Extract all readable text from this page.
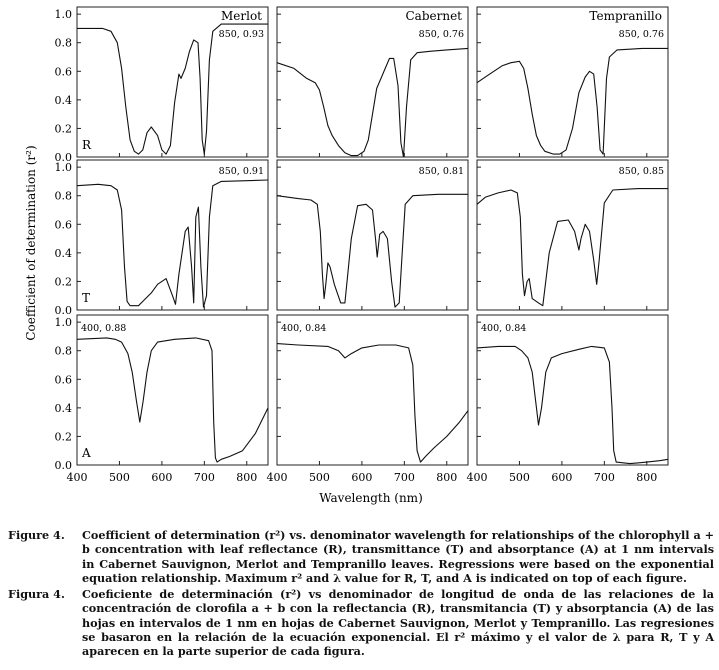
850, 0.93
Merlot
R
850, 0.76
Cabernet
850, 0.76
Tempranillo
850, 0.91
T
850, 0.81	850, 0.85
400, 0.88
A
400, 0.84	400, 0.84
400 500 600 700 800 400 500 600 700 800 400 500 600 700 800
0.0
0.2
0.4
0.6
0.8
1.0
0.0
0.2
0.4
0.6
0.8
1.0
0.0
0.2
0.4
0.6
0.8
1.0
Wavelength (nm)
Coefficient of determination (r²)
Figure 4.	Coefficient of determination (r²) vs. denominator wavelength for relationships of the chlorophyll a + b concentration with leaf reflectance (R), transmittance (T) and absorptance (A) at 1 nm intervals in Cabernet Sauvignon, Merlot and Tempranillo leaves. Regressions were based on the exponential equation relationship. Maximum r² and λ value for R, T, and A is indicated on top of each figure.
Figura 4.	Coeficiente de determinación (r²) vs denominador de longitud de onda de las relaciones de la concentración de clorofila a + b con la reflectancia (R), transmitancia (T) y absorptancia (A) de las hojas en intervalos de 1 nm en hojas de Cabernet Sauvignon, Merlot y Tempranillo. Las regresiones se basaron en la relación de la ecuación exponencial. El r² máximo y el valor de λ para R, T y A aparecen en la parte superior de cada figura.
